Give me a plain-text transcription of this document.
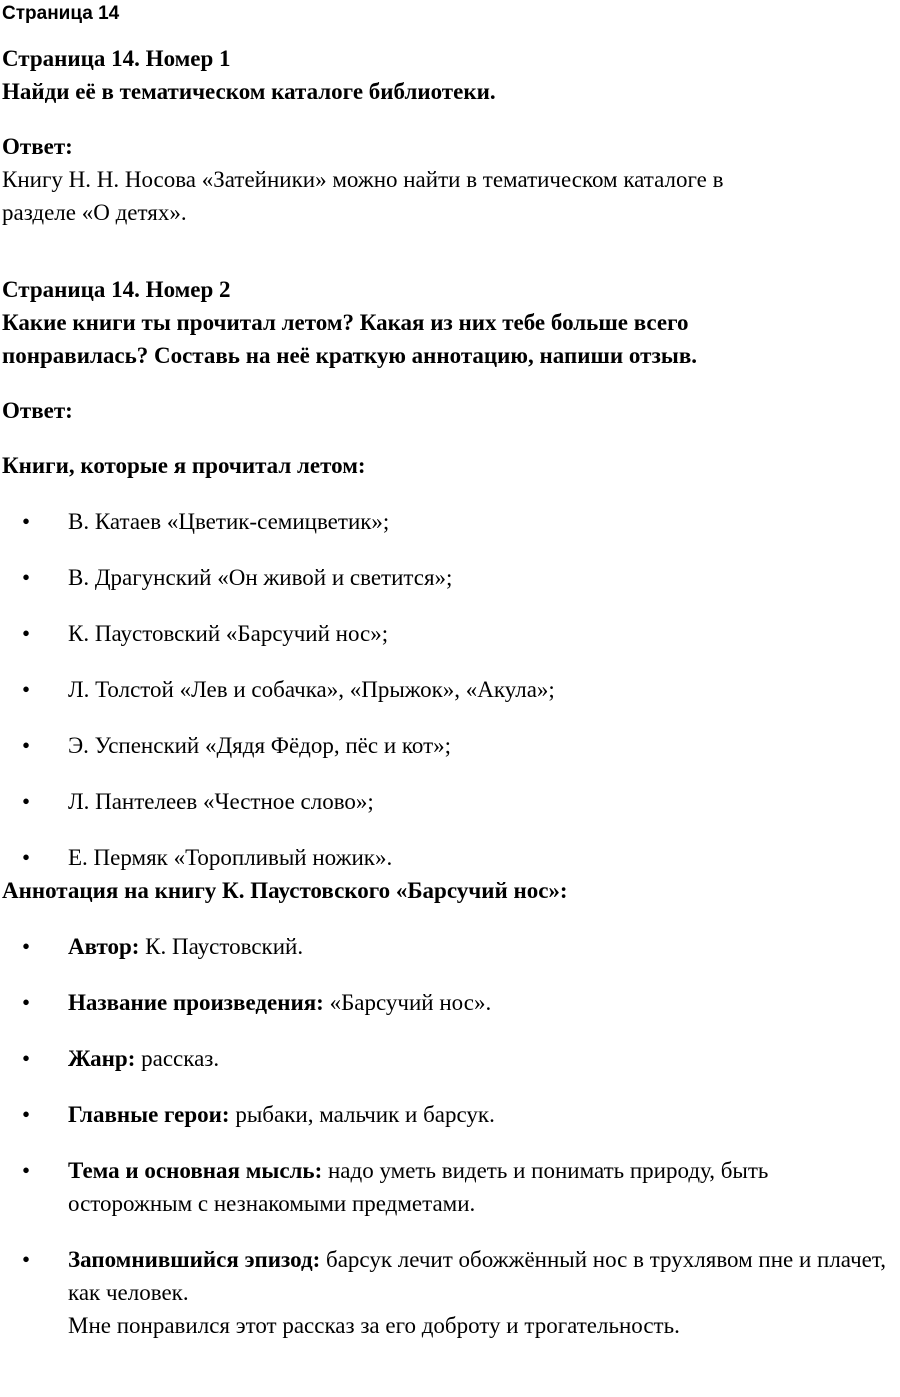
Страница 14

Страница 14. Номер 1

Найди её в тематическом каталоге библиотеки.

Ответ:

Книгу Н. Н. Носова «Затейники» можно найти в тематическом каталоге в

разделе «О детях».

Страница 14. Номер 2

Какие книги ты прочитал летом? Какая из них тебе больше всего

понравилась? Составь на неё краткую аннотацию, напиши отзыв.

Ответ:

Книги, которые я прочитал летом:

• В. Катаев «Цветик-семицветик»;
• В. Драгунский «Он живой и светится»;
• К. Паустовский «Барсучий нос»;
• Л. Толстой «Лев и собачка», «Прыжок», «Акула»;
• Э. Успенский «Дядя Фёдор, пёс и кот»;
• Л. Пантелеев «Честное слово»;
• Е. Пермяк «Торопливый ножик».

Аннотация на книгу К. Паустовского «Барсучий нос»:

• Автор: К. Паустовский.
• Название произведения: «Барсучий нос».
• Жанр: рассказ.
• Главные герои: рыбаки, мальчик и барсук.
• Тема и основная мысль: надо уметь видеть и понимать природу, быть осторожным с незнакомыми предметами.
• Запомнившийся эпизод: барсук лечит обожжённый нос в трухлявом пне и плачет, как человек.

Мне понравился этот рассказ за его доброту и трогательность.
